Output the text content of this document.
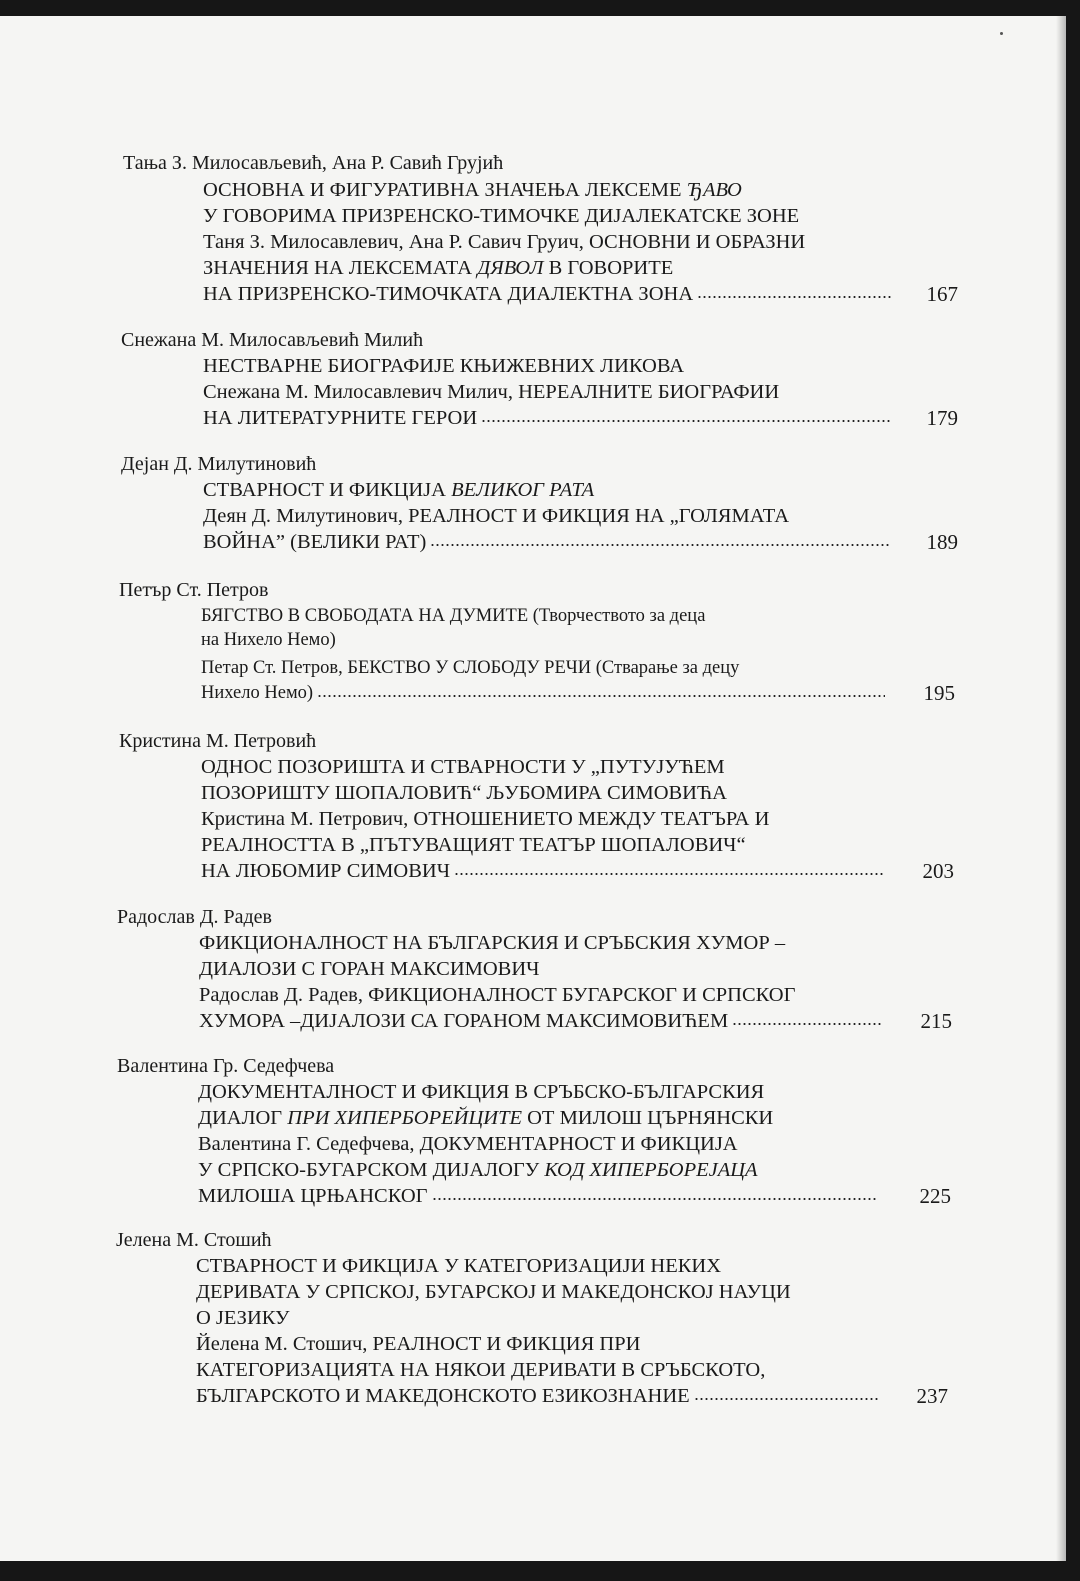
Тања З. Милосављевић, Ана Р. Савић Грујић
ОСНОВНА И ФИГУРАТИВНА ЗНАЧЕЊА ЛЕКСЕМЕ ЂАВО
У ГОВОРИМА ПРИЗРЕНСКО-ТИМОЧКЕ ДИЈАЛЕКАТСКЕ ЗОНЕ
Таня З. Милосавлевич, Ана Р. Савич Груич, ОСНОВНИ И ОБРАЗНИ
ЗНАЧЕНИЯ НА ЛЕКСЕМАТА ДЯВОЛ В ГОВОРИТЕ
НА ПРИЗРЕНСКО-ТИМОЧКАТА ДИАЛЕКТНА ЗОНА	167
Снежана М. Милосављевић Милић
НЕСТВАРНЕ БИОГРАФИЈЕ КЊИЖЕВНИХ ЛИКОВА
Снежана М. Милосавлевич Милич, НЕРЕАЛНИТЕ БИОГРАФИИ
НА ЛИТЕРАТУРНИТЕ ГЕРОИ	179
Дејан Д. Милутиновић
СТВАРНОСТ И ФИКЦИЈА ВЕЛИКОГ РАТА
Деян Д. Милутинович, РЕАЛНОСТ И ФИКЦИЯ НА „ГОЛЯМАТА
ВОЙНА” (ВЕЛИКИ РАТ)	189
Петър Ст. Петров
БЯГСТВО В СВОБОДАТА НА ДУМИТЕ (Творчеството за деца
на Нихело Немо)
Петар Ст. Петров, БЕКСТВО У СЛОБОДУ РЕЧИ (Стварање за децу
Нихело Немо)	195
Кристина М. Петровић
ОДНОС ПОЗОРИШТА И СТВАРНОСТИ У „ПУТУЈУЋЕМ
ПОЗОРИШТУ ШОПАЛОВИЋ“ ЉУБОМИРА СИМОВИЋА
Кристина М. Петрович, ОТНОШЕНИЕТО МЕЖДУ ТЕАТЪРА И
РЕАЛНОСТТА В „ПЪТУВАЩИЯТ ТЕАТЪР ШОПАЛОВИЧ“
НА ЛЮБОМИР СИМОВИЧ	203
Радослав Д. Радев
ФИКЦИОНАЛНОСТ НА БЪЛГАРСКИЯ И СРЪБСКИЯ ХУМОР –
ДИАЛОЗИ С ГОРАН МАКСИМОВИЧ
Радослав Д. Радев, ФИКЦИОНАЛНОСТ БУГАРСКОГ И СРПСКОГ
ХУМОРА –ДИЈАЛОЗИ СА ГОРАНОМ МАКСИМОВИЋЕМ	215
Валентина Гр. Седефчева
ДОКУМЕНТАЛНОСТ И ФИКЦИЯ В СРЪБСКО-БЪЛГАРСКИЯ
ДИАЛОГ ПРИ ХИПЕРБОРЕЙЦИТЕ ОТ МИЛОШ ЦЪРНЯНСКИ
Валентина Г. Седефчева, ДОКУМЕНТАРНОСТ И ФИКЦИЈА
У СРПСКО-БУГАРСКОМ ДИЈАЛОГУ КОД ХИПЕРБОРЕЈАЦА
МИЛОША ЦРЊАНСКОГ	225
Јелена М. Стошић
СТВАРНОСТ И ФИКЦИЈА У КАТЕГОРИЗАЦИЈИ НЕКИХ
ДЕРИВАТА У СРПСКОЈ, БУГАРСКОЈ И МАКЕДОНСКОЈ НАУЦИ
О ЈЕЗИКУ
Йелена М. Стошич, РЕАЛНОСТ И ФИКЦИЯ ПРИ
КАТЕГОРИЗАЦИЯТА НА НЯКОИ ДЕРИВАТИ В СРЪБСКОТО,
БЪЛГАРСКОТО И МАКЕДОНСКОТО ЕЗИКОЗНАНИЕ	237
